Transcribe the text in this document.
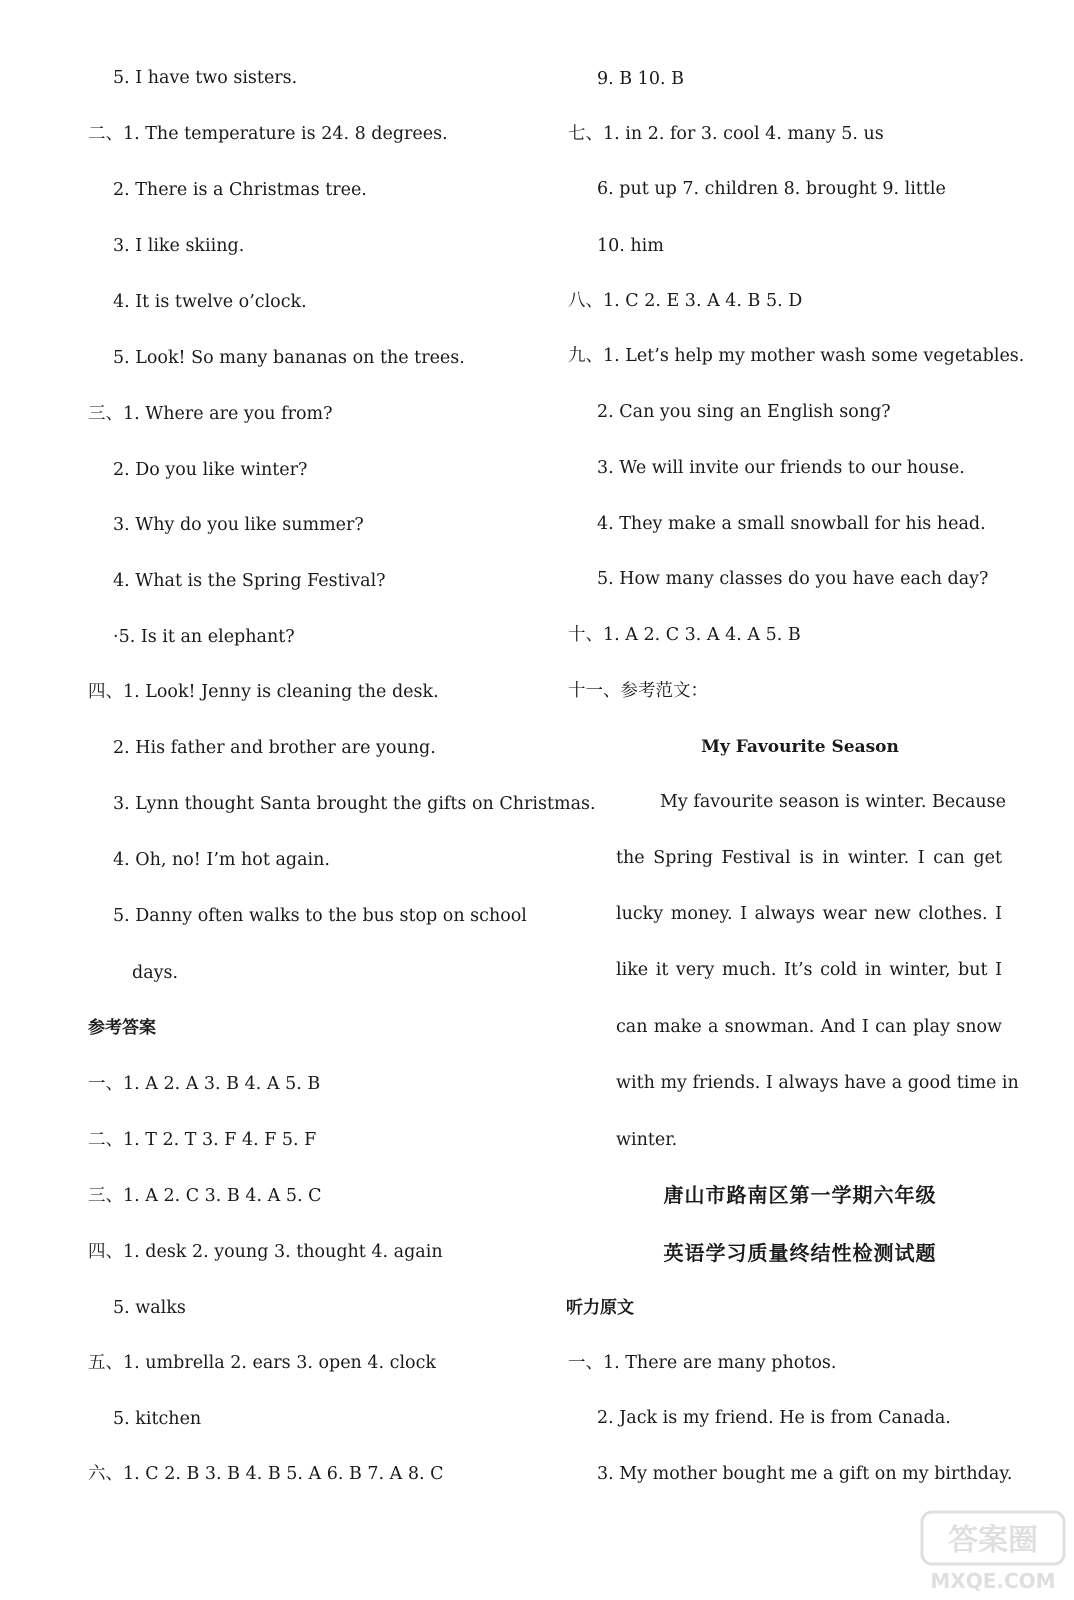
5. I have two sisters.
二、1. The temperature is 24. 8 degrees.
2. There is a Christmas tree.
3. I like skiing.
4. It is twelve o’clock.
5. Look! So many bananas on the trees.
三、1. Where are you from?
2. Do you like winter?
3. Why do you like summer?
4. What is the Spring Festival?
·5. Is it an elephant?
四、1. Look! Jenny is cleaning the desk.
2. His father and brother are young.
3. Lynn thought Santa brought the gifts on Christmas.
4. Oh, no! I’m hot again.
5. Danny often walks to the bus stop on school
days.
参考答案
一、1. A 2. A 3. B 4. A 5. B
二、1. T 2. T 3. F 4. F 5. F
三、1. A 2. C 3. B 4. A 5. C
四、1. desk 2. young 3. thought 4. again
5. walks
五、1. umbrella 2. ears 3. open 4. clock
5. kitchen
六、1. C 2. B 3. B 4. B 5. A 6. B 7. A 8. C
9. B 10. B
七、1. in 2. for 3. cool 4. many 5. us
6. put up 7. children 8. brought 9. little
10. him
八、1. C 2. E 3. A 4. B 5. D
九、1. Let’s help my mother wash some vegetables.
2. Can you sing an English song?
3. We will invite our friends to our house.
4. They make a small snowball for his head.
5. How many classes do you have each day?
十、1. A 2. C 3. A 4. A 5. B
十一、参考范文：
My Favourite Season
My favourite season is winter. Because
the Spring Festival is in winter. I can get
lucky money. I always wear new clothes. I
like it very much. It’s cold in winter, but I
can make a snowman. And I can play snow
with my friends. I always have a good time in
winter.
唐山市路南区第一学期六年级
英语学习质量终结性检测试题
听力原文
一、1. There are many photos.
2. Jack is my friend. He is from Canada.
3. My mother bought me a gift on my birthday.
答案圈
MXQE.COM
